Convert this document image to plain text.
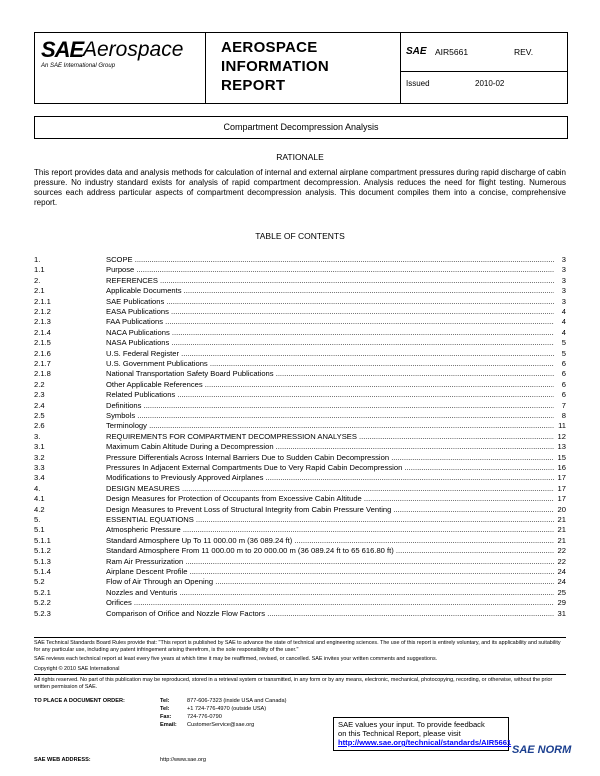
SAE Aerospace
An SAE International Group
AEROSPACE
INFORMATION
REPORT
SAE AIR5661	REV.
Issued	2010-02
Compartment Decompression Analysis
RATIONALE
This report provides data and analysis methods for calculation of internal and external airplane compartment pressures during rapid discharge of cabin pressure. No industry standard exists for analysis of rapid compartment decompression. Analysis reduces the need for flight testing. Numerous sources each address particular aspects of compartment decompression analysis. This document compiles them into a concise, comprehensive report.
TABLE OF CONTENTS
1.	SCOPE .....	3
1.1	Purpose .....	3
2.	REFERENCES .....	3
2.1	Applicable Documents .....	3
2.1.1	SAE Publications .....	3
2.1.2	EASA Publications .....	4
2.1.3	FAA Publications .....	4
2.1.4	NACA Publications .....	4
2.1.5	NASA Publications .....	5
2.1.6	U.S. Federal Register .....	5
2.1.7	U.S. Government Publications .....	6
2.1.8	National Transportation Safety Board Publications .....	6
2.2	Other Applicable References .....	6
2.3	Related Publications .....	6
2.4	Definitions .....	7
2.5	Symbols .....	8
2.6	Terminology .....	11
3.	REQUIREMENTS FOR COMPARTMENT DECOMPRESSION ANALYSES .....	12
3.1	Maximum Cabin Altitude During a Decompression .....	13
3.2	Pressure Differentials Across Internal Barriers Due to Sudden Cabin Decompression .....	15
3.3	Pressures In Adjacent External Compartments Due to Very Rapid Cabin Decompression .....	16
3.4	Modifications to Previously Approved Airplanes .....	17
4.	DESIGN MEASURES .....	17
4.1	Design Measures for Protection of Occupants from Excessive Cabin Altitude .....	17
4.2	Design Measures to Prevent Loss of Structural Integrity from Cabin Pressure Venting .....	20
5.	ESSENTIAL EQUATIONS .....	21
5.1	Atmospheric Pressure .....	21
5.1.1	Standard Atmosphere Up To 11 000.00 m (36 089.24 ft) .....	21
5.1.2	Standard Atmosphere From 11 000.00 m to 20 000.00 m (36 089.24 ft to 65 616.80 ft) .....	22
5.1.3	Ram Air Pressurization .....	22
5.1.4	Airplane Descent Profile .....	24
5.2	Flow of Air Through an Opening .....	24
5.2.1	Nozzles and Venturis .....	25
5.2.2	Orifices .....	29
5.2.3	Comparison of Orifice and Nozzle Flow Factors .....	31
SAE Technical Standards Board Rules provide that: "This report is published by SAE to advance the state of technical and engineering sciences. The use of this report is entirely voluntary, and its applicability and suitability for any particular use, including any patent infringement arising therefrom, is the sole responsibility of the user."
SAE reviews each technical report at least every five years at which time it may be reaffirmed, revised, or cancelled. SAE invites your written comments and suggestions.
Copyright © 2010 SAE International
All rights reserved. No part of this publication may be reproduced, stored in a retrieval system or transmitted, in any form or by any means, electronic, mechanical, photocopying, recording, or otherwise, without the prior written permission of SAE.
TO PLACE A DOCUMENT ORDER:
SAE WEB ADDRESS:
Tel:	877-606-7323 (inside USA and Canada)
Tel:	+1 724-776-4970 (outside USA)
Fax:	724-776-0790
Email: CustomerService@sae.org
http://www.sae.org
SAE values your input. To provide feedback
on this Technical Report, please visit
http://www.sae.org/technical/standards/AIR5661
SAE NORM
